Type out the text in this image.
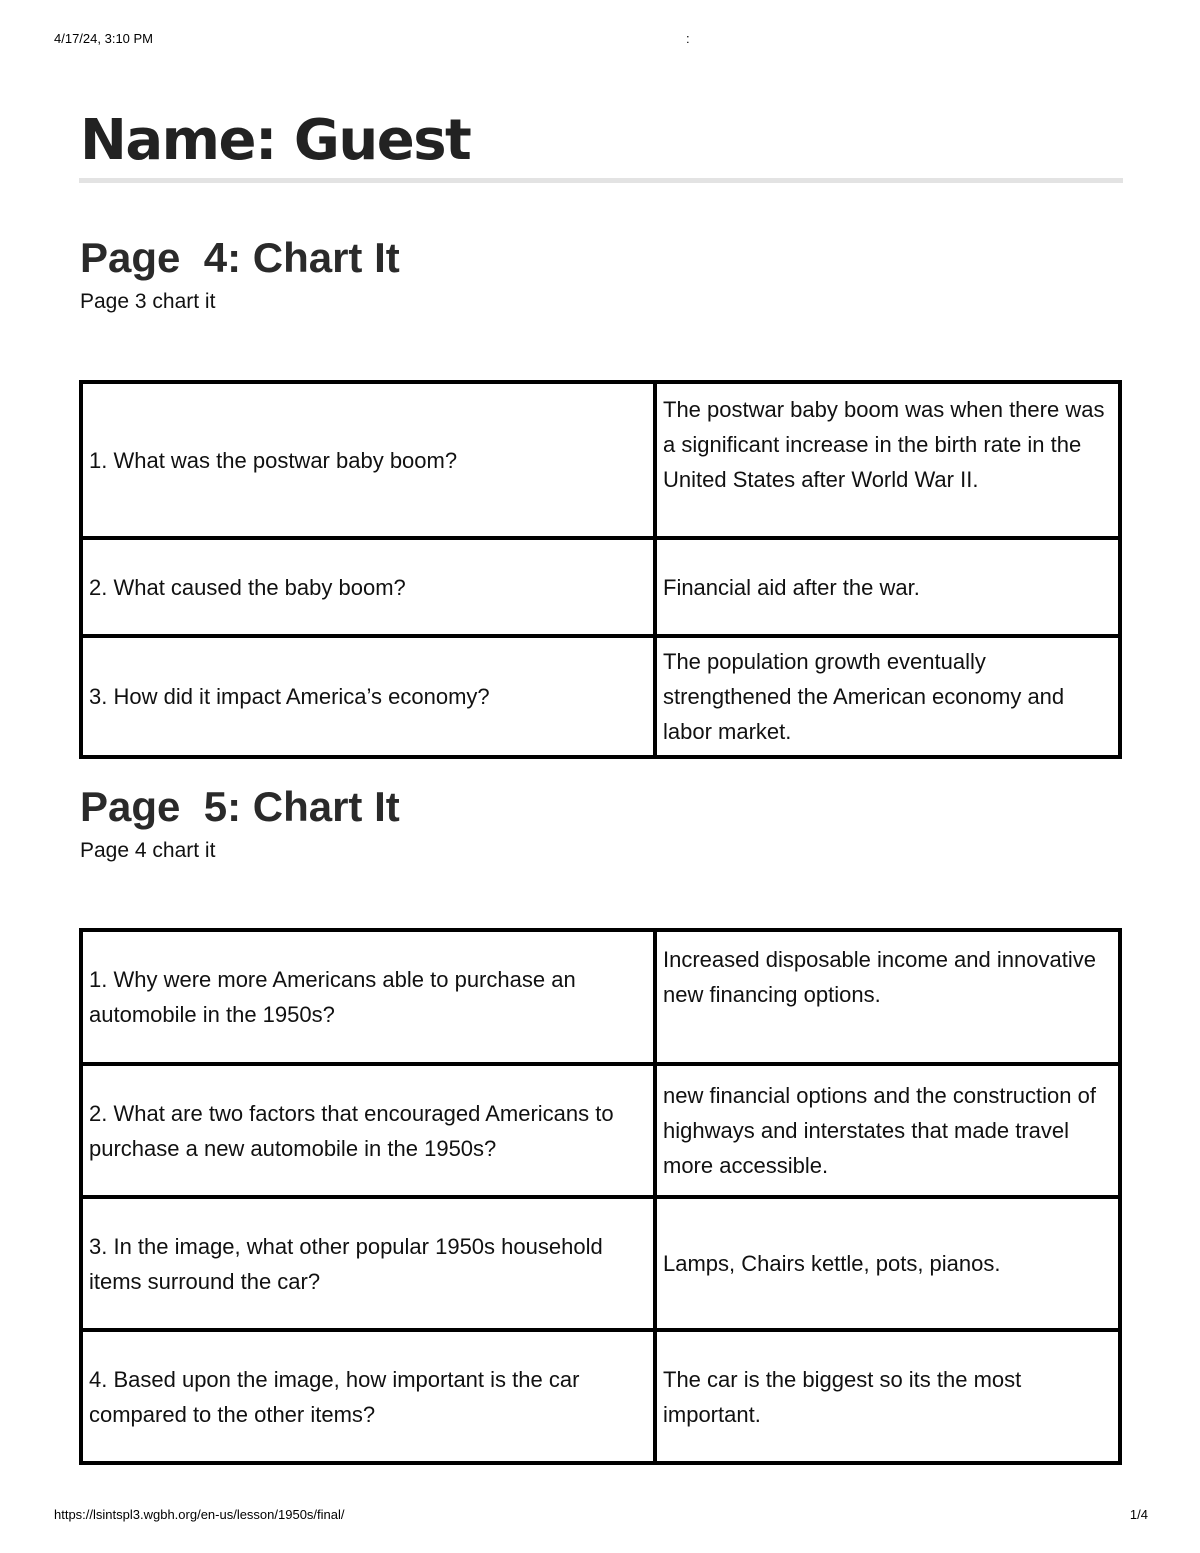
4/17/24, 3:10 PM	:
Name: Guest
Page  4: Chart It

Page 3 chart it

1. What was the postwar baby boom?	The postwar baby boom was when there was a significant increase in the birth rate in the United States after World War II.
2. What caused the baby boom?	Financial aid after the war.
3. How did it impact America’s economy?	The population growth eventually strengthened the American economy and labor market.
Page  5: Chart It

Page 4 chart it

1. Why were more Americans able to purchase an automobile in the 1950s?	Increased disposable income and innovative new financing options.
2. What are two factors that encouraged Americans to purchase a new automobile in the 1950s?	new financial options and the construction of highways and interstates that made travel more accessible.
3. In the image, what other popular 1950s household items surround the car?	Lamps, Chairs kettle, pots, pianos.
4. Based upon the image, how important is the car compared to the other items?	The car is the biggest so its the most important.
https://lsintspl3.wgbh.org/en-us/lesson/1950s/final/	1/4
